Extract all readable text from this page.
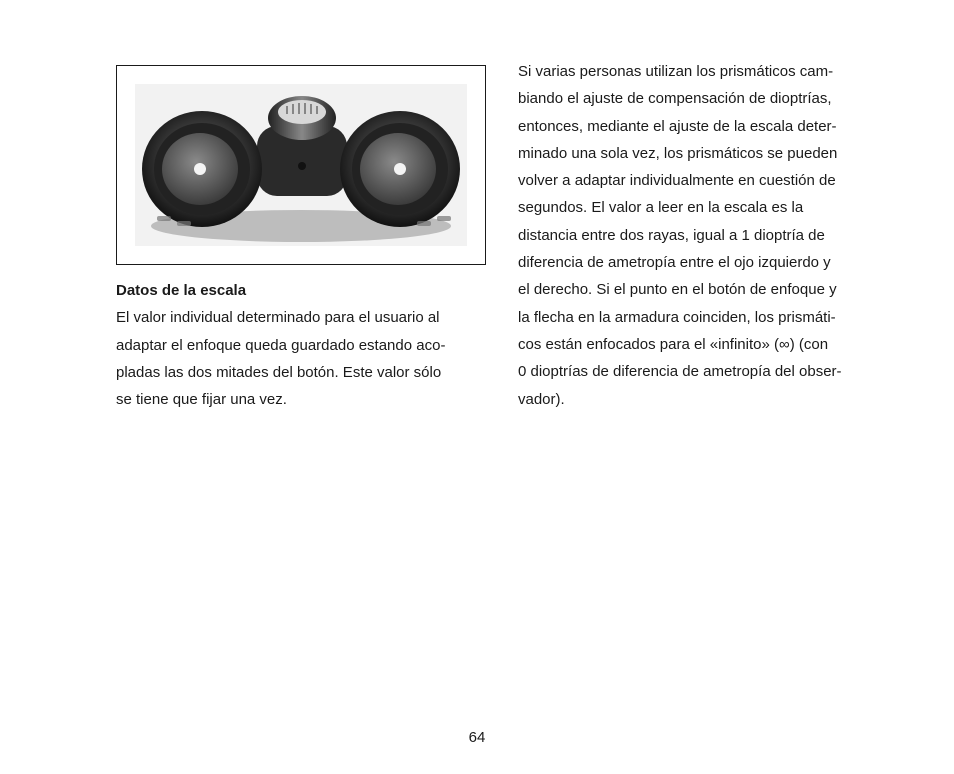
Datos de la escala

El valor individual determinado para el usuario al
adaptar el enfoque queda guardado estando aco-
pladas las dos mitades del botón. Este valor sólo
se tiene que fijar una vez.
Si varias personas utilizan los prismáticos cam-
biando el ajuste de compensación de dioptrías,
entonces, mediante el ajuste de la escala deter-
minado una sola vez, los prismáticos se pueden
volver a adaptar individualmente en cuestión de
segundos. El valor a leer en la escala es la
distancia entre dos rayas, igual a 1 dioptría de
diferencia de ametropía entre el ojo izquierdo y
el derecho. Si el punto en el botón de enfoque y
la flecha en la armadura coinciden, los prismáti-
cos están enfocados para el «infinito» (∞) (con
0 dioptrías de diferencia de ametropía del obser-
vador).
64
